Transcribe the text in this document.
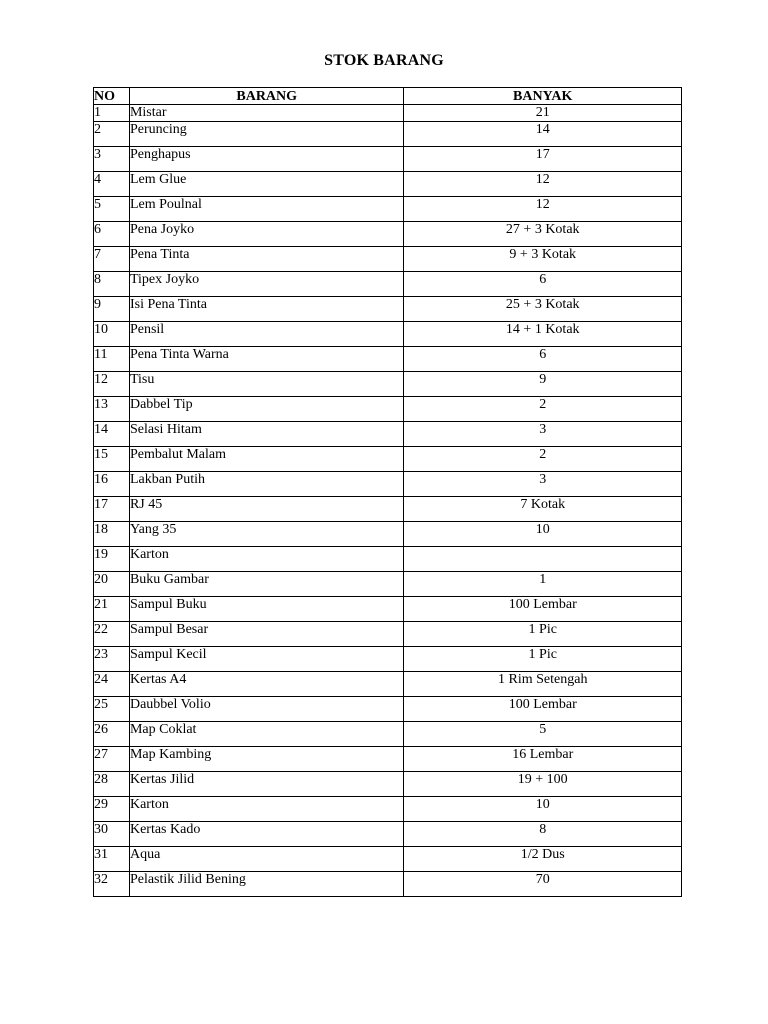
STOK BARANG
NO	BARANG	BANYAK
1	Mistar	21
2	Peruncing	14
3	Penghapus	17
4	Lem Glue	12
5	Lem Poulnal	12
6	Pena Joyko	27 + 3 Kotak
7	Pena Tinta	9 + 3 Kotak
8	Tipex Joyko	6
9	Isi Pena Tinta	25 + 3 Kotak
10	Pensil	14 + 1 Kotak
11	Pena Tinta Warna	6
12	Tisu	9
13	Dabbel Tip	2
14	Selasi Hitam	3
15	Pembalut Malam	2
16	Lakban Putih	3
17	RJ 45	7 Kotak
18	Yang 35	10
19	Karton	
20	Buku Gambar	1
21	Sampul Buku	100 Lembar
22	Sampul Besar	1 Pic
23	Sampul Kecil	1 Pic
24	Kertas A4	1 Rim Setengah
25	Daubbel Volio	100 Lembar
26	Map Coklat	5
27	Map Kambing	16 Lembar
28	Kertas Jilid	19 + 100
29	Karton	10
30	Kertas Kado	8
31	Aqua	1/2 Dus
32	Pelastik Jilid Bening	70
